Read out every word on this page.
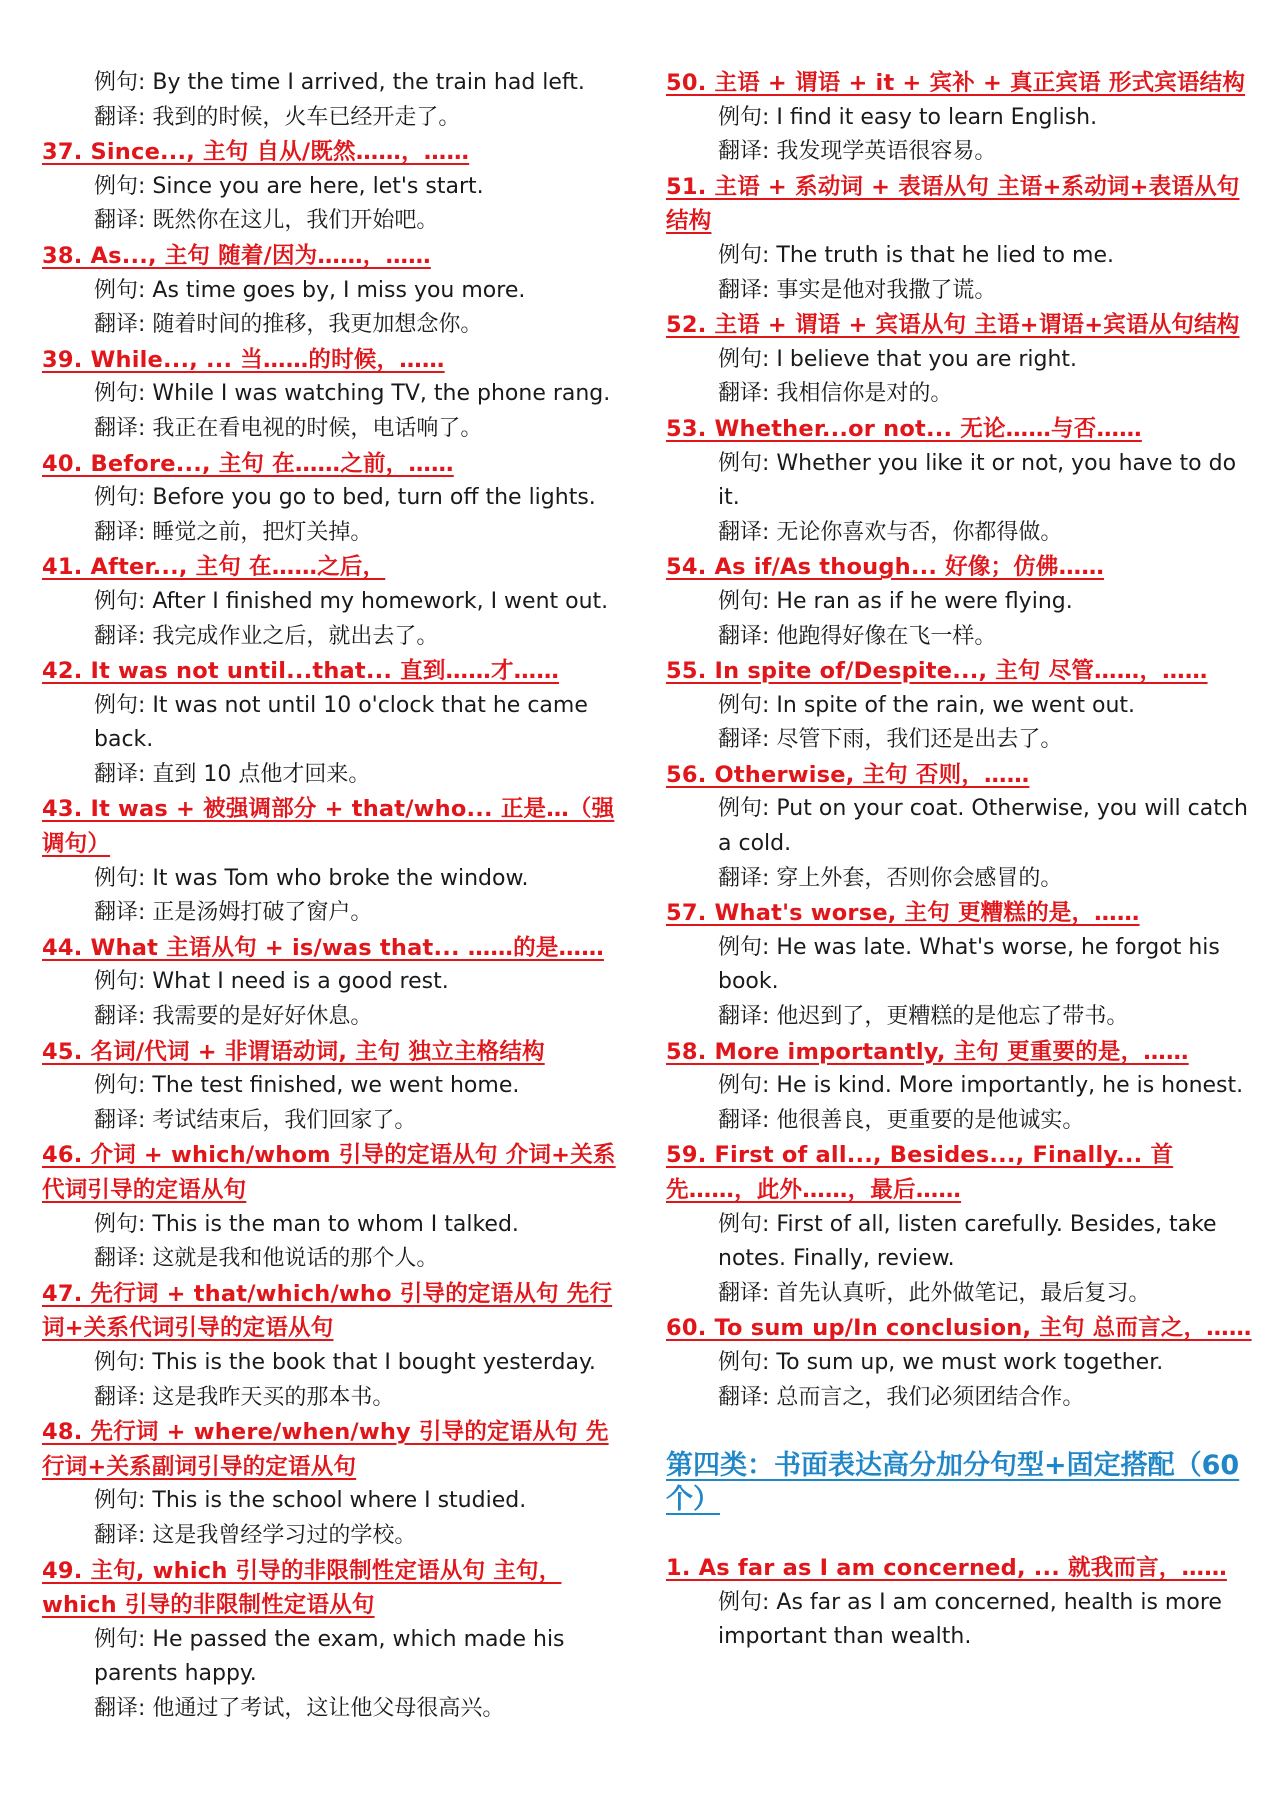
例句: By the time I arrived, the train had left.
翻译: 我到的时候，火车已经开走了。
37. Since..., 主句 自从/既然……，……
例句: Since you are here, let's start.
翻译: 既然你在这儿，我们开始吧。
38. As..., 主句 随着/因为……，……
例句: As time goes by, I miss you more.
翻译: 随着时间的推移，我更加想念你。
39. While..., ... 当……的时候，……
例句: While I was watching TV, the phone rang.
翻译: 我正在看电视的时候，电话响了。
40. Before..., 主句 在……之前，……
例句: Before you go to bed, turn off the lights.
翻译: 睡觉之前，把灯关掉。
41. After..., 主句 在……之后，
例句: After I finished my homework, I went out.
翻译: 我完成作业之后，就出去了。
42. It was not until...that... 直到……才……
例句: It was not until 10 o'clock that he came back.
翻译: 直到 10 点他才回来。
43. It was + 被强调部分 + that/who... 正是…（强调句）
例句: It was Tom who broke the window.
翻译: 正是汤姆打破了窗户。
44. What 主语从句 + is/was that... ……的是……
例句: What I need is a good rest.
翻译: 我需要的是好好休息。
45. 名词/代词 + 非谓语动词, 主句 独立主格结构
例句: The test finished, we went home.
翻译: 考试结束后，我们回家了。
46. 介词 + which/whom 引导的定语从句 介词+关系代词引导的定语从句
例句: This is the man to whom I talked.
翻译: 这就是我和他说话的那个人。
47. 先行词 + that/which/who 引导的定语从句 先行词+关系代词引导的定语从句
例句: This is the book that I bought yesterday.
翻译: 这是我昨天买的那本书。
48. 先行词 + where/when/why 引导的定语从句 先行词+关系副词引导的定语从句
例句: This is the school where I studied.
翻译: 这是我曾经学习过的学校。
49. 主句, which 引导的非限制性定语从句 主句，which 引导的非限制性定语从句
例句: He passed the exam, which made his parents happy.
翻译: 他通过了考试，这让他父母很高兴。
50. 主语 + 谓语 + it + 宾补 + 真正宾语 形式宾语结构
例句: I find it easy to learn English.
翻译: 我发现学英语很容易。
51. 主语 + 系动词 + 表语从句 主语+系动词+表语从句结构
例句: The truth is that he lied to me.
翻译: 事实是他对我撒了谎。
52. 主语 + 谓语 + 宾语从句 主语+谓语+宾语从句结构
例句: I believe that you are right.
翻译: 我相信你是对的。
53. Whether...or not... 无论……与否……
例句: Whether you like it or not, you have to do it.
翻译: 无论你喜欢与否，你都得做。
54. As if/As though... 好像；仿佛……
例句: He ran as if he were flying.
翻译: 他跑得好像在飞一样。
55. In spite of/Despite..., 主句 尽管……，……
例句: In spite of the rain, we went out.
翻译: 尽管下雨，我们还是出去了。
56. Otherwise, 主句 否则，……
例句: Put on your coat. Otherwise, you will catch a cold.
翻译: 穿上外套，否则你会感冒的。
57. What's worse, 主句 更糟糕的是，……
例句: He was late. What's worse, he forgot his book.
翻译: 他迟到了，更糟糕的是他忘了带书。
58. More importantly, 主句 更重要的是，……
例句: He is kind. More importantly, he is honest.
翻译: 他很善良，更重要的是他诚实。
59. First of all..., Besides..., Finally... 首先……，此外……，最后……
例句: First of all, listen carefully. Besides, take notes. Finally, review.
翻译: 首先认真听，此外做笔记，最后复习。
60. To sum up/In conclusion, 主句 总而言之，……
例句: To sum up, we must work together.
翻译: 总而言之，我们必须团结合作。
第四类：书面表达高分加分句型+固定搭配（60 个）
1. As far as I am concerned, ... 就我而言，……
例句: As far as I am concerned, health is more important than wealth.
